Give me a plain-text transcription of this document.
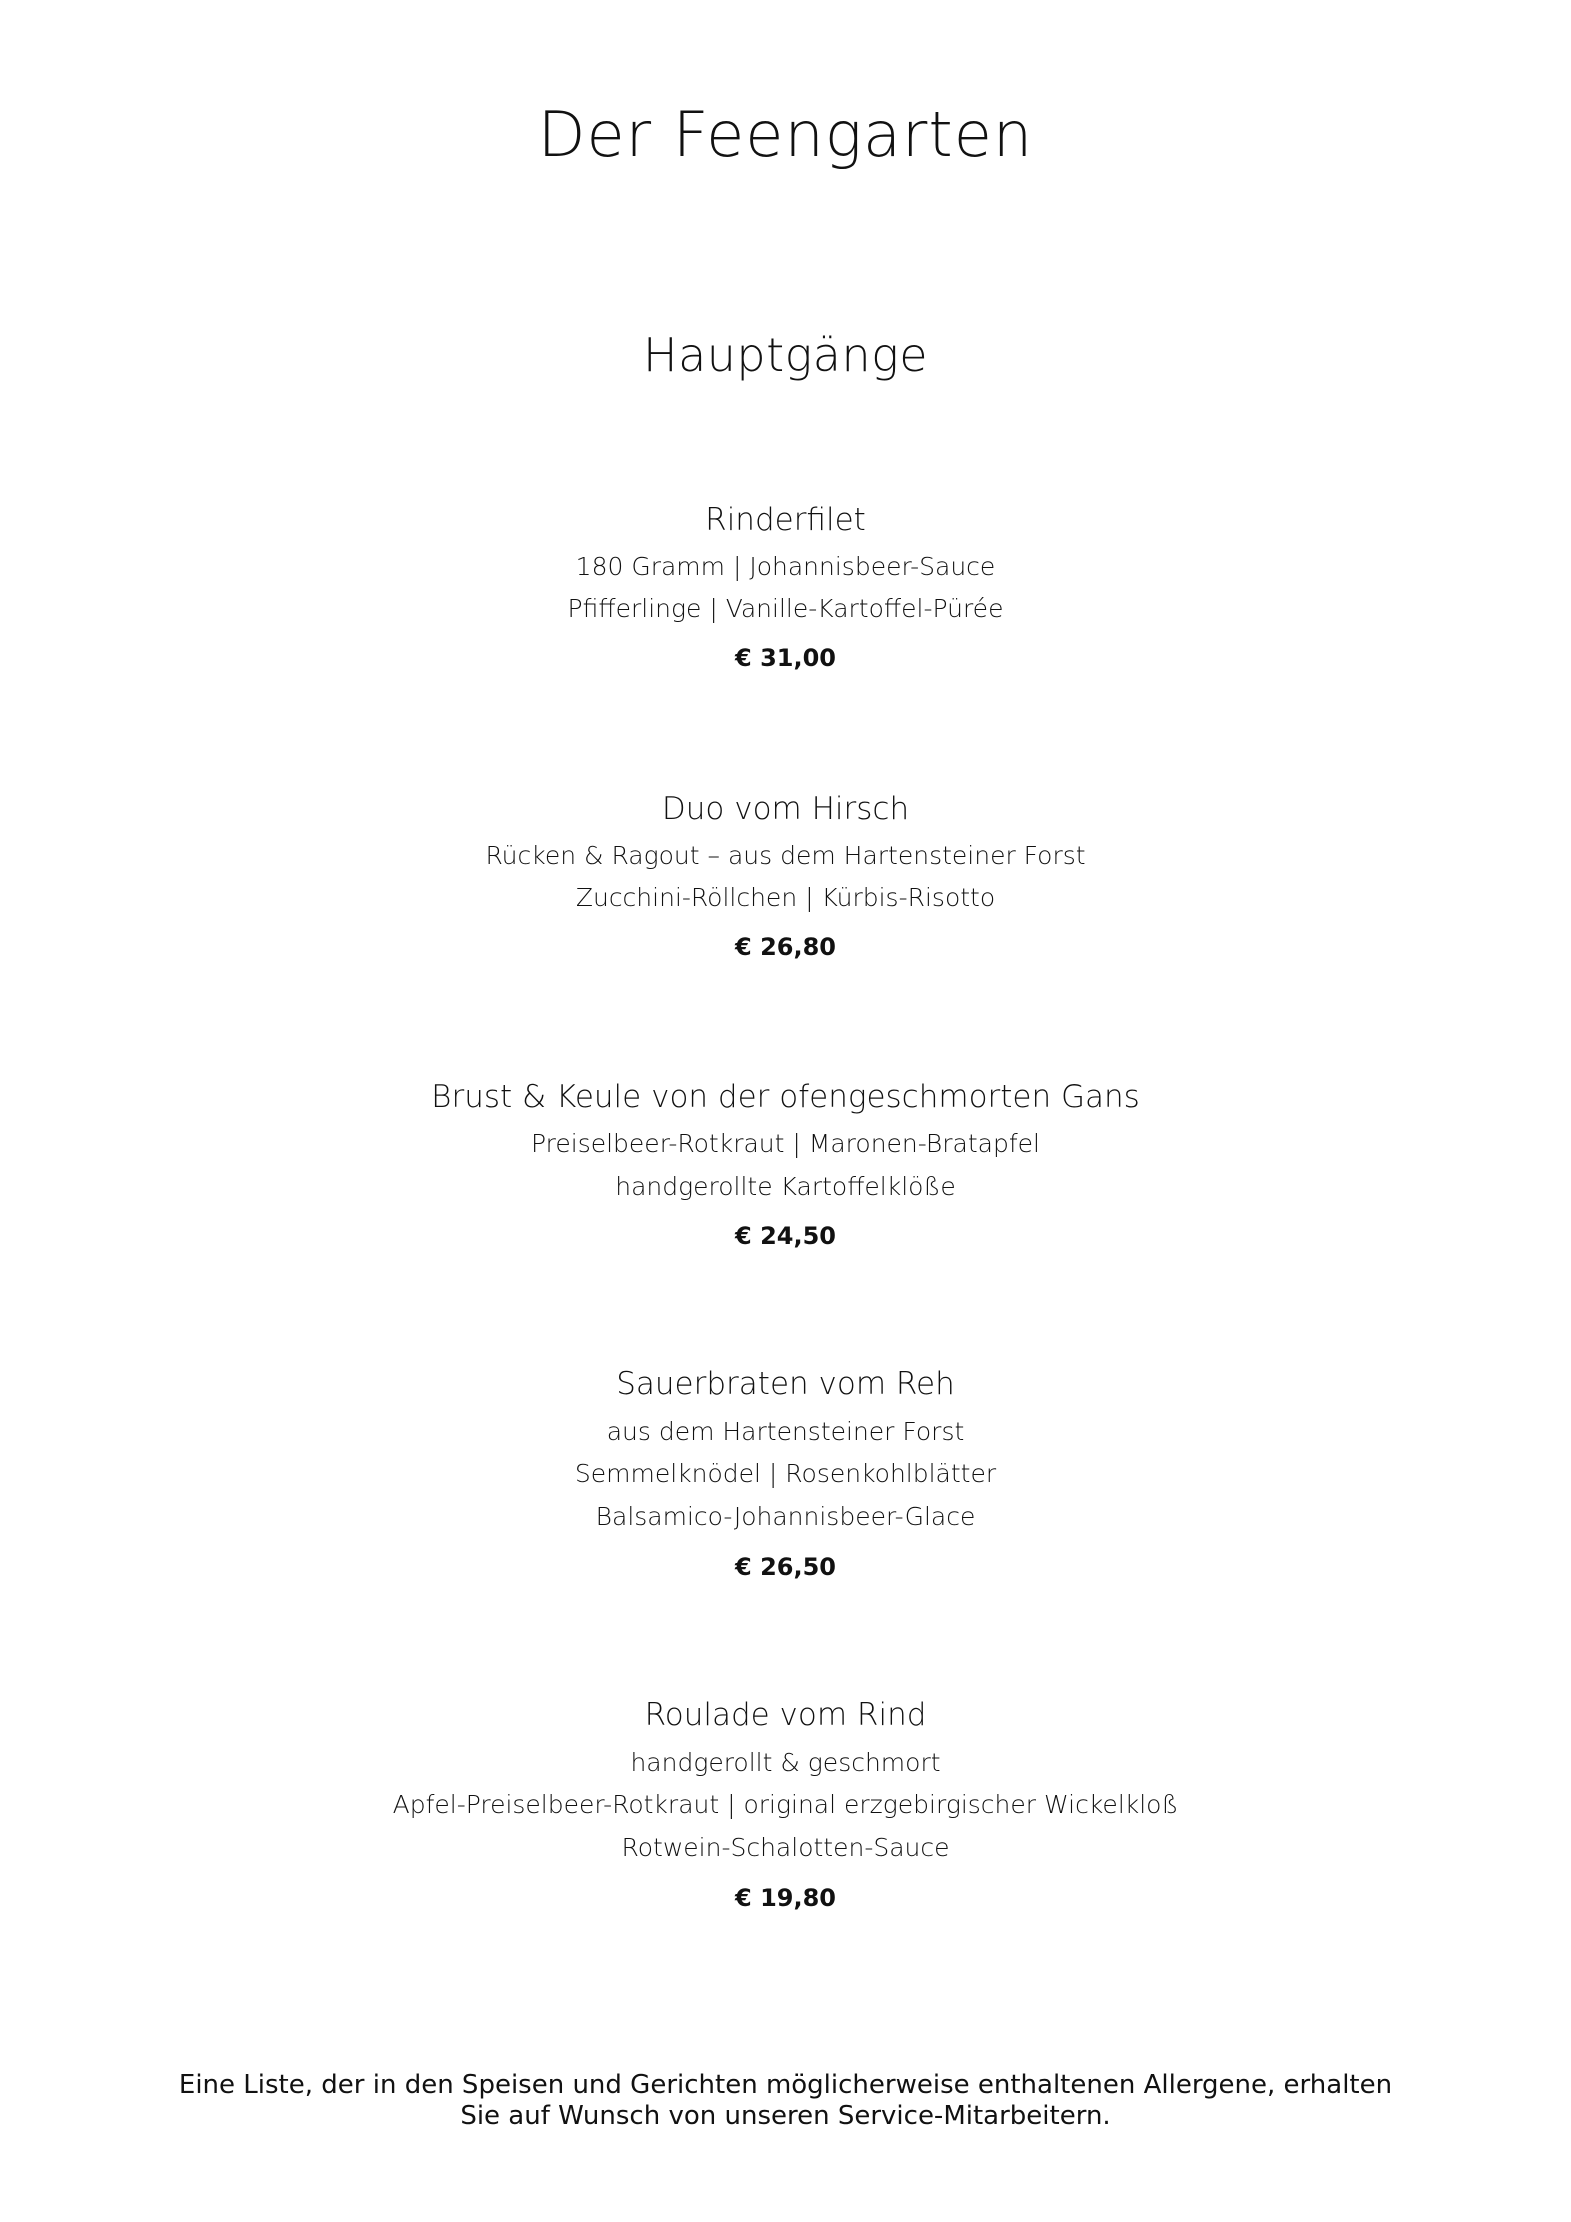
Der Feengarten
Hauptgänge
Rinderfilet
180 Gramm | Johannisbeer-Sauce
Pfifferlinge | Vanille-Kartoffel-Pürée
€ 31,00
Duo vom Hirsch
Rücken & Ragout – aus dem Hartensteiner Forst
Zucchini-Röllchen | Kürbis-Risotto
€ 26,80
Brust & Keule von der ofengeschmorten Gans
Preiselbeer-Rotkraut | Maronen-Bratapfel
handgerollte Kartoffelklöße
€ 24,50
Sauerbraten vom Reh
aus dem Hartensteiner Forst
Semmelknödel | Rosenkohlblätter
Balsamico-Johannisbeer-Glace
€ 26,50
Roulade vom Rind
handgerollt & geschmort
Apfel-Preiselbeer-Rotkraut | original erzgebirgischer Wickelkloß
Rotwein-Schalotten-Sauce
€ 19,80
Eine Liste, der in den Speisen und Gerichten möglicherweise enthaltenen Allergene, erhalten
Sie auf Wunsch von unseren Service-Mitarbeitern.
